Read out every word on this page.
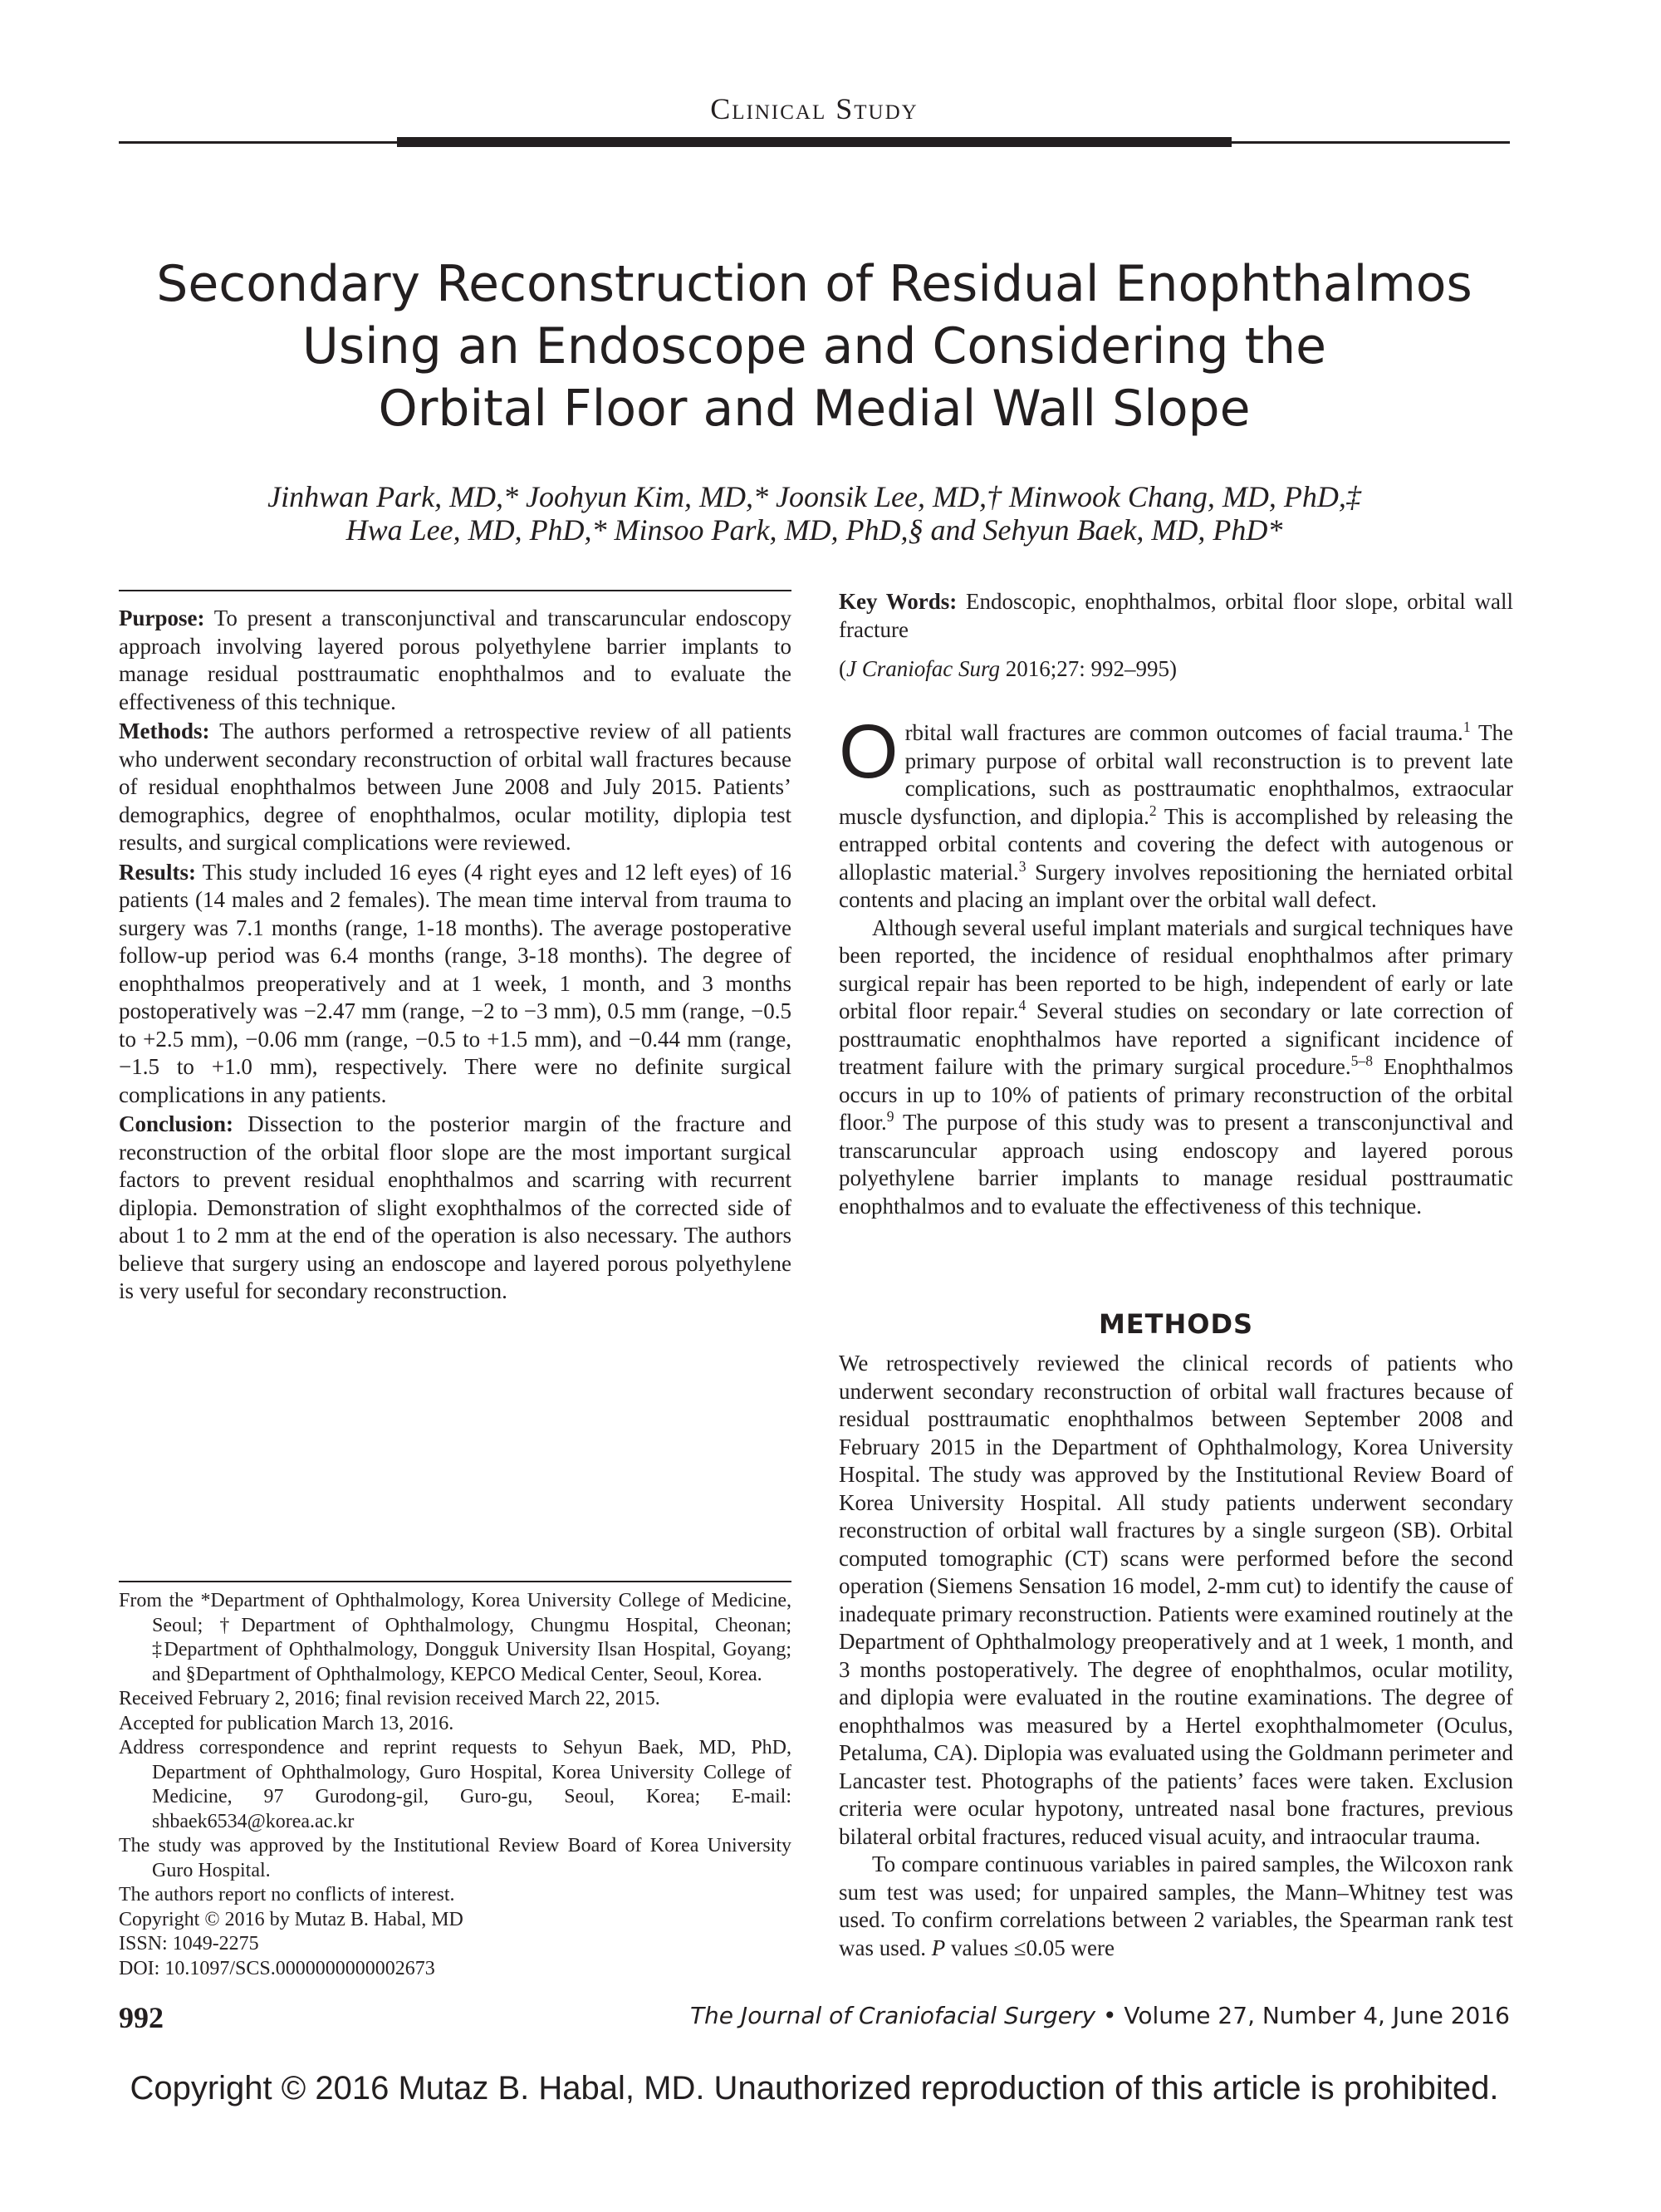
Clinical Study
Secondary Reconstruction of Residual Enophthalmos
Using an Endoscope and Considering the
Orbital Floor and Medial Wall Slope
Jinhwan Park, MD,* Joohyun Kim, MD,* Joonsik Lee, MD,† Minwook Chang, MD, PhD,‡
Hwa Lee, MD, PhD,* Minsoo Park, MD, PhD,§ and Sehyun Baek, MD, PhD*

Purpose: To present a transconjunctival and transcaruncular endoscopy approach involving layered porous polyethylene barrier implants to manage residual posttraumatic enophthalmos and to evaluate the effectiveness of this technique.

Methods: The authors performed a retrospective review of all patients who underwent secondary reconstruction of orbital wall fractures because of residual enophthalmos between June 2008 and July 2015. Patients’ demographics, degree of enophthalmos, ocular motility, diplopia test results, and surgical complications were reviewed.

Results: This study included 16 eyes (4 right eyes and 12 left eyes) of 16 patients (14 males and 2 females). The mean time interval from trauma to surgery was 7.1 months (range, 1-18 months). The average postoperative follow-up period was 6.4 months (range, 3-18 months). The degree of enophthalmos preoperatively and at 1 week, 1 month, and 3 months postoperatively was −2.47 mm (range, −2 to −3 mm), 0.5 mm (range, −0.5 to +2.5 mm), −0.06 mm (range, −0.5 to +1.5 mm), and −0.44 mm (range, −1.5 to +1.0 mm), respectively. There were no definite surgical complications in any patients.

Conclusion: Dissection to the posterior margin of the fracture and reconstruction of the orbital floor slope are the most important surgical factors to prevent residual enophthalmos and scarring with recurrent diplopia. Demonstration of slight exophthalmos of the corrected side of about 1 to 2 mm at the end of the operation is also necessary. The authors believe that surgery using an endoscope and layered porous polyethylene is very useful for secondary reconstruction.

Key Words: Endoscopic, enophthalmos, orbital floor slope, orbital wall fracture

(J Craniofac Surg 2016;27: 992–995)

Orbital wall fractures are common outcomes of facial trauma.$^1$ The primary purpose of orbital wall reconstruction is to prevent late complications, such as posttraumatic enophthalmos, extraocular muscle dysfunction, and diplopia.$^2$ This is accomplished by releasing the entrapped orbital contents and covering the defect with autogenous or alloplastic material.$^3$ Surgery involves repositioning the herniated orbital contents and placing an implant over the orbital wall defect.

Although several useful implant materials and surgical techniques have been reported, the incidence of residual enophthalmos after primary surgical repair has been reported to be high, independent of early or late orbital floor repair.$^4$ Several studies on secondary or late correction of posttraumatic enophthalmos have reported a significant incidence of treatment failure with the primary surgical procedure.$^{5-8}$ Enophthalmos occurs in up to 10% of patients of primary reconstruction of the orbital floor.$^9$ The purpose of this study was to present a transconjunctival and transcaruncular approach using endoscopy and layered porous polyethylene barrier implants to manage residual posttraumatic enophthalmos and to evaluate the effectiveness of this technique.

METHODS

We retrospectively reviewed the clinical records of patients who underwent secondary reconstruction of orbital wall fractures because of residual posttraumatic enophthalmos between September 2008 and February 2015 in the Department of Ophthalmology, Korea University Hospital. The study was approved by the Institutional Review Board of Korea University Hospital. All study patients underwent secondary reconstruction of orbital wall fractures by a single surgeon (SB). Orbital computed tomographic (CT) scans were performed before the second operation (Siemens Sensation 16 model, 2-mm cut) to identify the cause of inadequate primary reconstruction. Patients were examined routinely at the Department of Ophthalmology preoperatively and at 1 week, 1 month, and 3 months postoperatively. The degree of enophthalmos, ocular motility, and diplopia were evaluated in the routine examinations. The degree of enophthalmos was measured by a Hertel exophthalmometer (Oculus, Petaluma, CA). Diplopia was evaluated using the Goldmann perimeter and Lancaster test. Photographs of the patients’ faces were taken. Exclusion criteria were ocular hypotony, untreated nasal bone fractures, previous bilateral orbital fractures, reduced visual acuity, and intraocular trauma.

To compare continuous variables in paired samples, the Wilcoxon rank sum test was used; for unpaired samples, the Mann–Whitney test was used. To confirm correlations between 2 variables, the Spearman rank test was used. P values ≤0.05 were

From the *Department of Ophthalmology, Korea University College of Medicine, Seoul; †Department of Ophthalmology, Chungmu Hospital, Cheonan; ‡Department of Ophthalmology, Dongguk University Ilsan Hospital, Goyang; and §Department of Ophthalmology, KEPCO Medical Center, Seoul, Korea.

Received February 2, 2016; final revision received March 22, 2015.

Accepted for publication March 13, 2016.

Address correspondence and reprint requests to Sehyun Baek, MD, PhD, Department of Ophthalmology, Guro Hospital, Korea University College of Medicine, 97 Gurodong-gil, Guro-gu, Seoul, Korea; E-mail: shbaek6534@korea.ac.kr

The study was approved by the Institutional Review Board of Korea University Guro Hospital.

The authors report no conflicts of interest.

Copyright © 2016 by Mutaz B. Habal, MD

ISSN: 1049-2275

DOI: 10.1097/SCS.0000000000002673

992	The Journal of Craniofacial Surgery • Volume 27, Number 4, June 2016
Copyright © 2016 Mutaz B. Habal, MD. Unauthorized reproduction of this article is prohibited.
